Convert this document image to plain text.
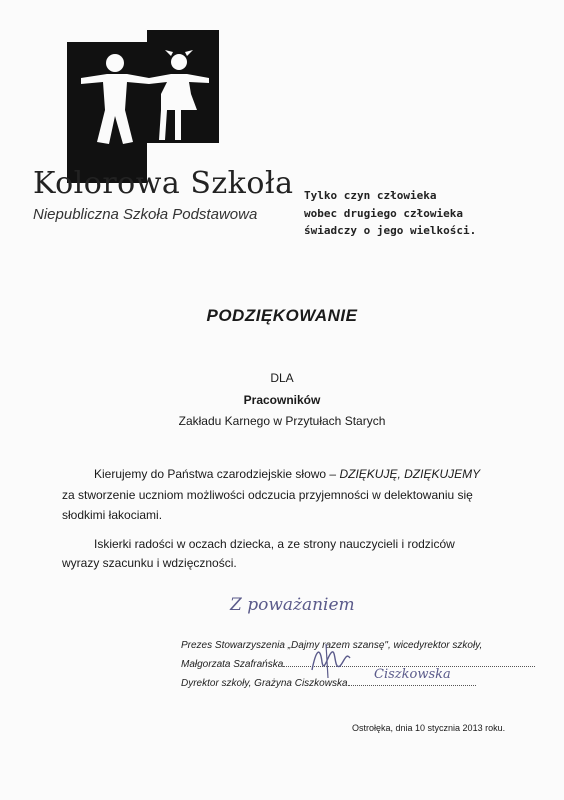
Kolorowa Szkoła
Niepubliczna Szkoła Podstawowa
Tylko czyn człowieka
wobec drugiego człowieka
świadczy o jego wielkości.
PODZIĘKOWANIE
DLA
Pracowników
Zakładu Karnego w Przytułach Starych
Kierujemy do Państwa czarodziejskie słowo – DZIĘKUJĘ, DZIĘKUJEMY
za stworzenie uczniom możliwości odczucia przyjemności w delektowaniu się
słodkimi łakociami.
Iskierki radości w oczach dziecka, a ze strony nauczycieli i rodziców
wyrazy szacunku i wdzięczności.
Z poważaniem
Prezes Stowarzyszenia „Dajmy razem szansę", wicedyrektor szkoły,
Małgorzata Szafrańska
Dyrektor szkoły, Grażyna Ciszkowska
Ciszkowska
Ostrołęka, dnia 10 stycznia 2013 roku.
